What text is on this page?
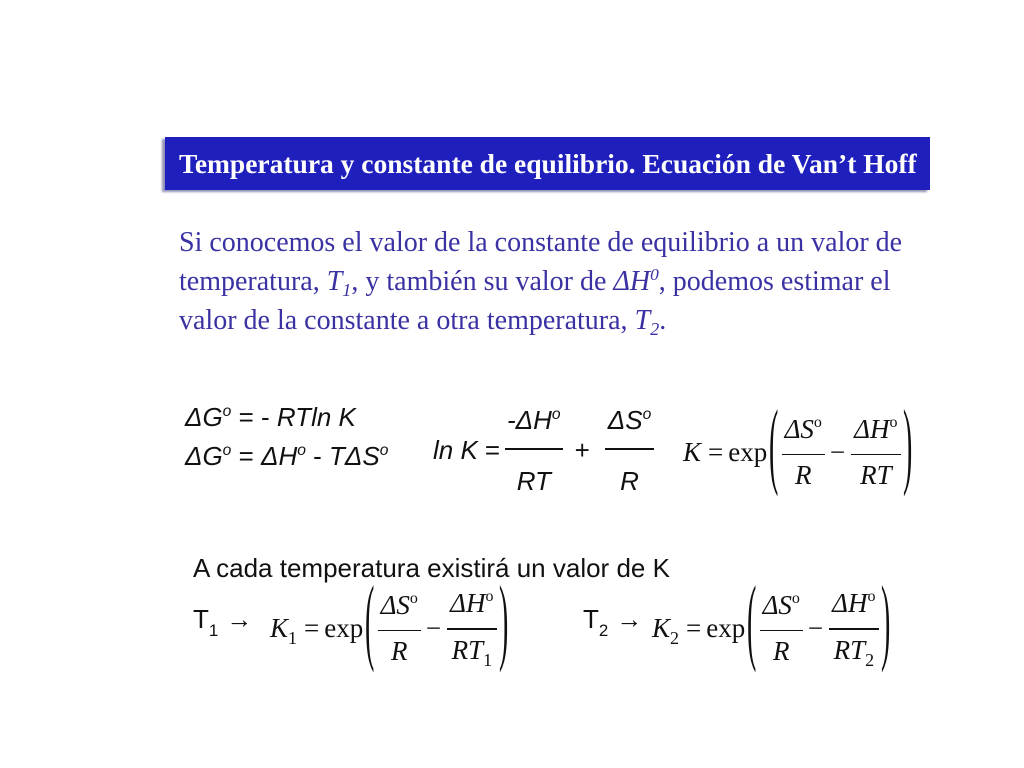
Temperatura y constante de equilibrio. Ecuación de Van’t Hoff
Si conocemos el valor de la constante de equilibrio a un valor de
temperatura, $T_1$, y también su valor de $\Delta H^0$, podemos estimar el
valor de la constante a otra temperatura, $T_2$.
$\Delta G^o$ = - RTln K
$\Delta G^o = \Delta H^o - T\Delta S^o$ ln K =
$-\Delta H^o$
RT
+
$\Delta S^o$
R
K = exp ( $\Delta S^o$
R
−
$\Delta H^o$
RT )
A cada temperatura existirá un valor de K
$T_1 \to K_1 = \exp$ ( $\Delta S^o$
R
−
$\Delta H^o$
$RT_1$ )	$T_2 \to K_2 = \exp$ ( $\Delta S^o$
R
−
$\Delta H^o$
$RT_2$ )
